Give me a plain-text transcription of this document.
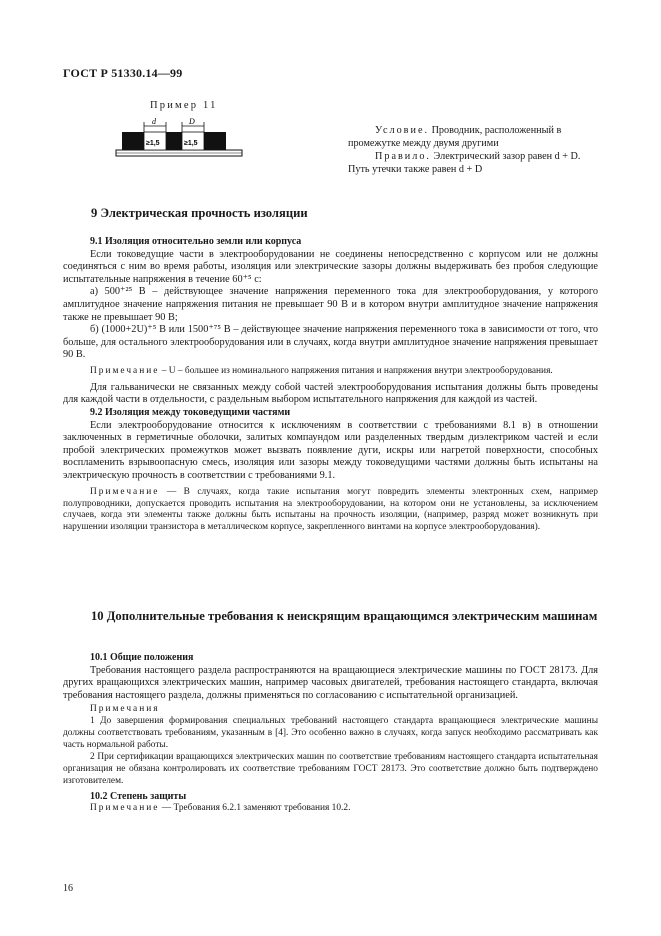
ГОСТ Р 51330.14—99
Пример 11
d	D
≥1,5	≥1,5

Условие. Проводник, расположенный в промежутке между двумя другими

Правило. Электрический зазор равен d + D. Путь утечки также равен d + D

9 Электрическая прочность изоляции

9.1 Изоляция относительно земли или корпуса

Если токоведущие части в электрооборудовании не соединены непосредственно с корпусом или не должны соединяться с ним во время работы, изоляция или электрические зазоры должны выдерживать без пробоя следующие испытательные напряжения в течение 60⁺⁵ с:

а) 500⁺²⁵ В – действующее значение напряжения переменного тока для электрооборудования, у которого амплитудное значение напряжения питания не превышает 90 В и в котором внутри амплитудное значение напряжения также не превышает 90 В;

б) (1000+2U)⁺⁵ В или 1500⁺⁷⁵ В – действующее значение напряжения переменного тока в зависимости от того, что больше, для остального электрооборудования или в случаях, когда внутри амплитудное значение напряжения превышает 90 В.

Примечание – U – большее из номинального напряжения питания и напряжения внутри электрооборудования.

Для гальванически не связанных между собой частей электрооборудования испытания должны быть проведены для каждой части в отдельности, с раздельным выбором испытательного напряжения для каждой из частей.

9.2 Изоляция между токоведущими частями

Если электрооборудование относится к исключениям в соответствии с требованиями 8.1 в) в отношении заключенных в герметичные оболочки, залитых компаундом или разделенных твердым диэлектриком частей и если пробой электрических промежутков может вызвать появление дуги, искры или нагретой поверхности, способных воспламенить взрывоопасную смесь, изоляция или зазоры между токоведущими частями должны быть испытаны на электрическую прочность в соответствии с требованиями 9.1.

Примечание — В случаях, когда такие испытания могут повредить элементы электронных схем, например полупроводники, допускается проводить испытания на электрооборудовании, на котором они не установлены, за исключением случаев, когда эти элементы также должны быть испытаны на прочность изоляции, (например, разряд может возникнуть при нарушении изоляции транзистора в металлическом корпусе, закрепленного винтами на корпусе электрооборудования).

10 Дополнительные требования к неискрящим вращающимся электрическим машинам

10.1 Общие положения

Требования настоящего раздела распространяются на вращающиеся электрические машины по ГОСТ 28173. Для других вращающихся электрических машин, например часовых двигателей, требования настоящего стандарта, включая требования настоящего раздела, должны применяться по согласованию с испытательной организацией.

Примечания

1 До завершения формирования специальных требований настоящего стандарта вращающиеся электрические машины должны соответствовать требованиям, указанным в [4]. Это особенно важно в случаях, когда запуск необходимо рассматривать как часть нормальной работы.

2 При сертификации вращающихся электрических машин по соответствие требованиям настоящего стандарта испытательная организация не обязана контролировать их соответствие требованиям ГОСТ 28173. Это соответствие должно быть подтверждено изготовителем.

10.2 Степень защиты

Примечание — Требования 6.2.1 заменяют требования 10.2.

16
